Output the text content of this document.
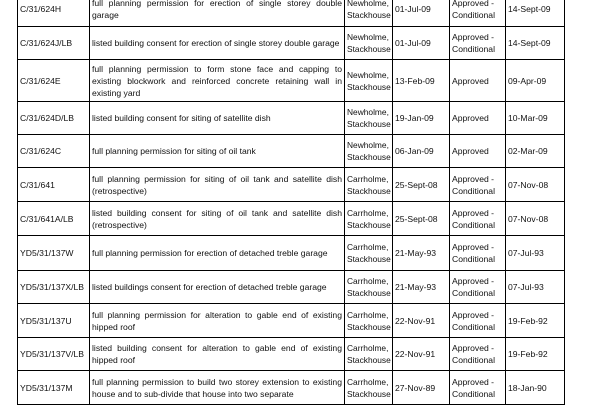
C/31/624H	full planning permission for erection of single storey double garage	Newholme, Stackhouse	01-Jul-09	Approved - Conditional	14-Sept-09
C/31/624J/LB	listed building consent for erection of single storey double garage	Newholme, Stackhouse	01-Jul-09	Approved - Conditional	14-Sept-09
C/31/624E	full planning permission to form stone face and capping to existing blockwork and reinforced concrete retaining wall in existing yard	Newholme, Stackhouse	13-Feb-09	Approved	09-Apr-09
C/31/624D/LB	listed building consent for siting of satellite dish	Newholme, Stackhouse	19-Jan-09	Approved	10-Mar-09
C/31/624C	full planning permission for siting of oil tank	Newholme, Stackhouse	06-Jan-09	Approved	02-Mar-09
C/31/641	full planning permission for siting of oil tank and satellite dish (retrospective)	Carrholme, Stackhouse	25-Sept-08	Approved - Conditional	07-Nov-08
C/31/641A/LB	listed building consent for siting of oil tank and satellite dish (retrospective)	Carrholme, Stackhouse	25-Sept-08	Approved - Conditional	07-Nov-08
YD5/31/137W	full planning permission for erection of detached treble garage	Carrholme, Stackhouse	21-May-93	Approved - Conditional	07-Jul-93
YD5/31/137X/LB	listed buildings consent for erection of detached treble garage	Carrholme, Stackhouse	21-May-93	Approved - Conditional	07-Jul-93
YD5/31/137U	full planning permission for alteration to gable end of existing hipped roof	Carrholme, Stackhouse	22-Nov-91	Approved - Conditional	19-Feb-92
YD5/31/137V/LB	listed building consent for alteration to gable end of existing hipped roof	Carrholme, Stackhouse	22-Nov-91	Approved - Conditional	19-Feb-92
YD5/31/137M	full planning permission to build two storey extension to existing house and to sub-divide that house into two separate	Carrholme, Stackhouse	27-Nov-89	Approved - Conditional	18-Jan-90
